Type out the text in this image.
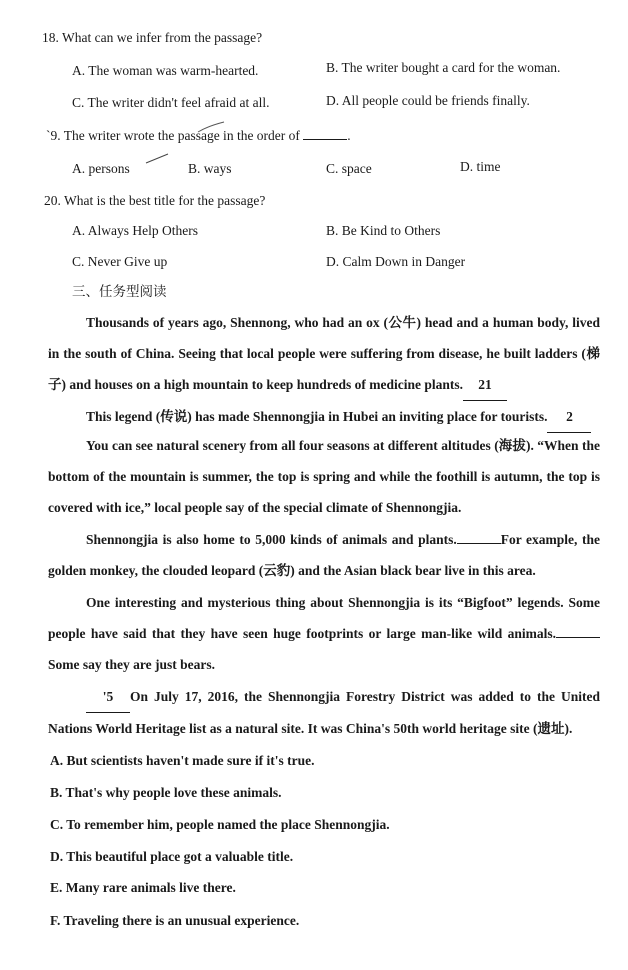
18. What can we infer from the passage?
A. The woman was warm-hearted.	B. The writer bought a card for the woman.
C. The writer didn't feel afraid at all.	D. All people could be friends finally.
`9. The writer wrote the passage in the order of	.
A. persons	B. ways	C. space	D. time
20. What is the best title for the passage?
A. Always Help Others	B. Be Kind to Others
C. Never Give up	D. Calm Down in Danger
三、任务型阅读
Thousands of years ago, Shennong, who had an ox (公牛) head and a human body, lived in the south of China. Seeing that local people were suffering from disease, he built ladders (梯子) and houses on a high mountain to keep hundreds of medicine plants. 21
This legend (传说) has made Shennongjia in Hubei an inviting place for tourists. 2
You can see natural scenery from all four seasons at different altitudes (海拔). “When the bottom of the mountain is summer, the top is spring and while the foothill is autumn, the top is covered with ice,” local people say of the special climate of Shennongjia.
Shennongjia is also home to 5,000 kinds of animals and plants.	For example, the golden monkey, the clouded leopard (云豹) and the Asian black bear live in this area.
One interesting and mysterious thing about Shennongjia is its “Bigfoot” legends. Some people have said that they have seen huge footprints or large man-like wild animals.Some say they are just bears.
'5 On July 17, 2016, the Shennongjia Forestry District was added to the United Nations World Heritage list as a natural site. It was China's 50th world heritage site (遗址).
A. But scientists haven't made sure if it's true.
B. That's why people love these animals.
C. To remember him, people named the place Shennongjia.
D. This beautiful place got a valuable title.
E. Many rare animals live there.
F. Traveling there is an unusual experience.
